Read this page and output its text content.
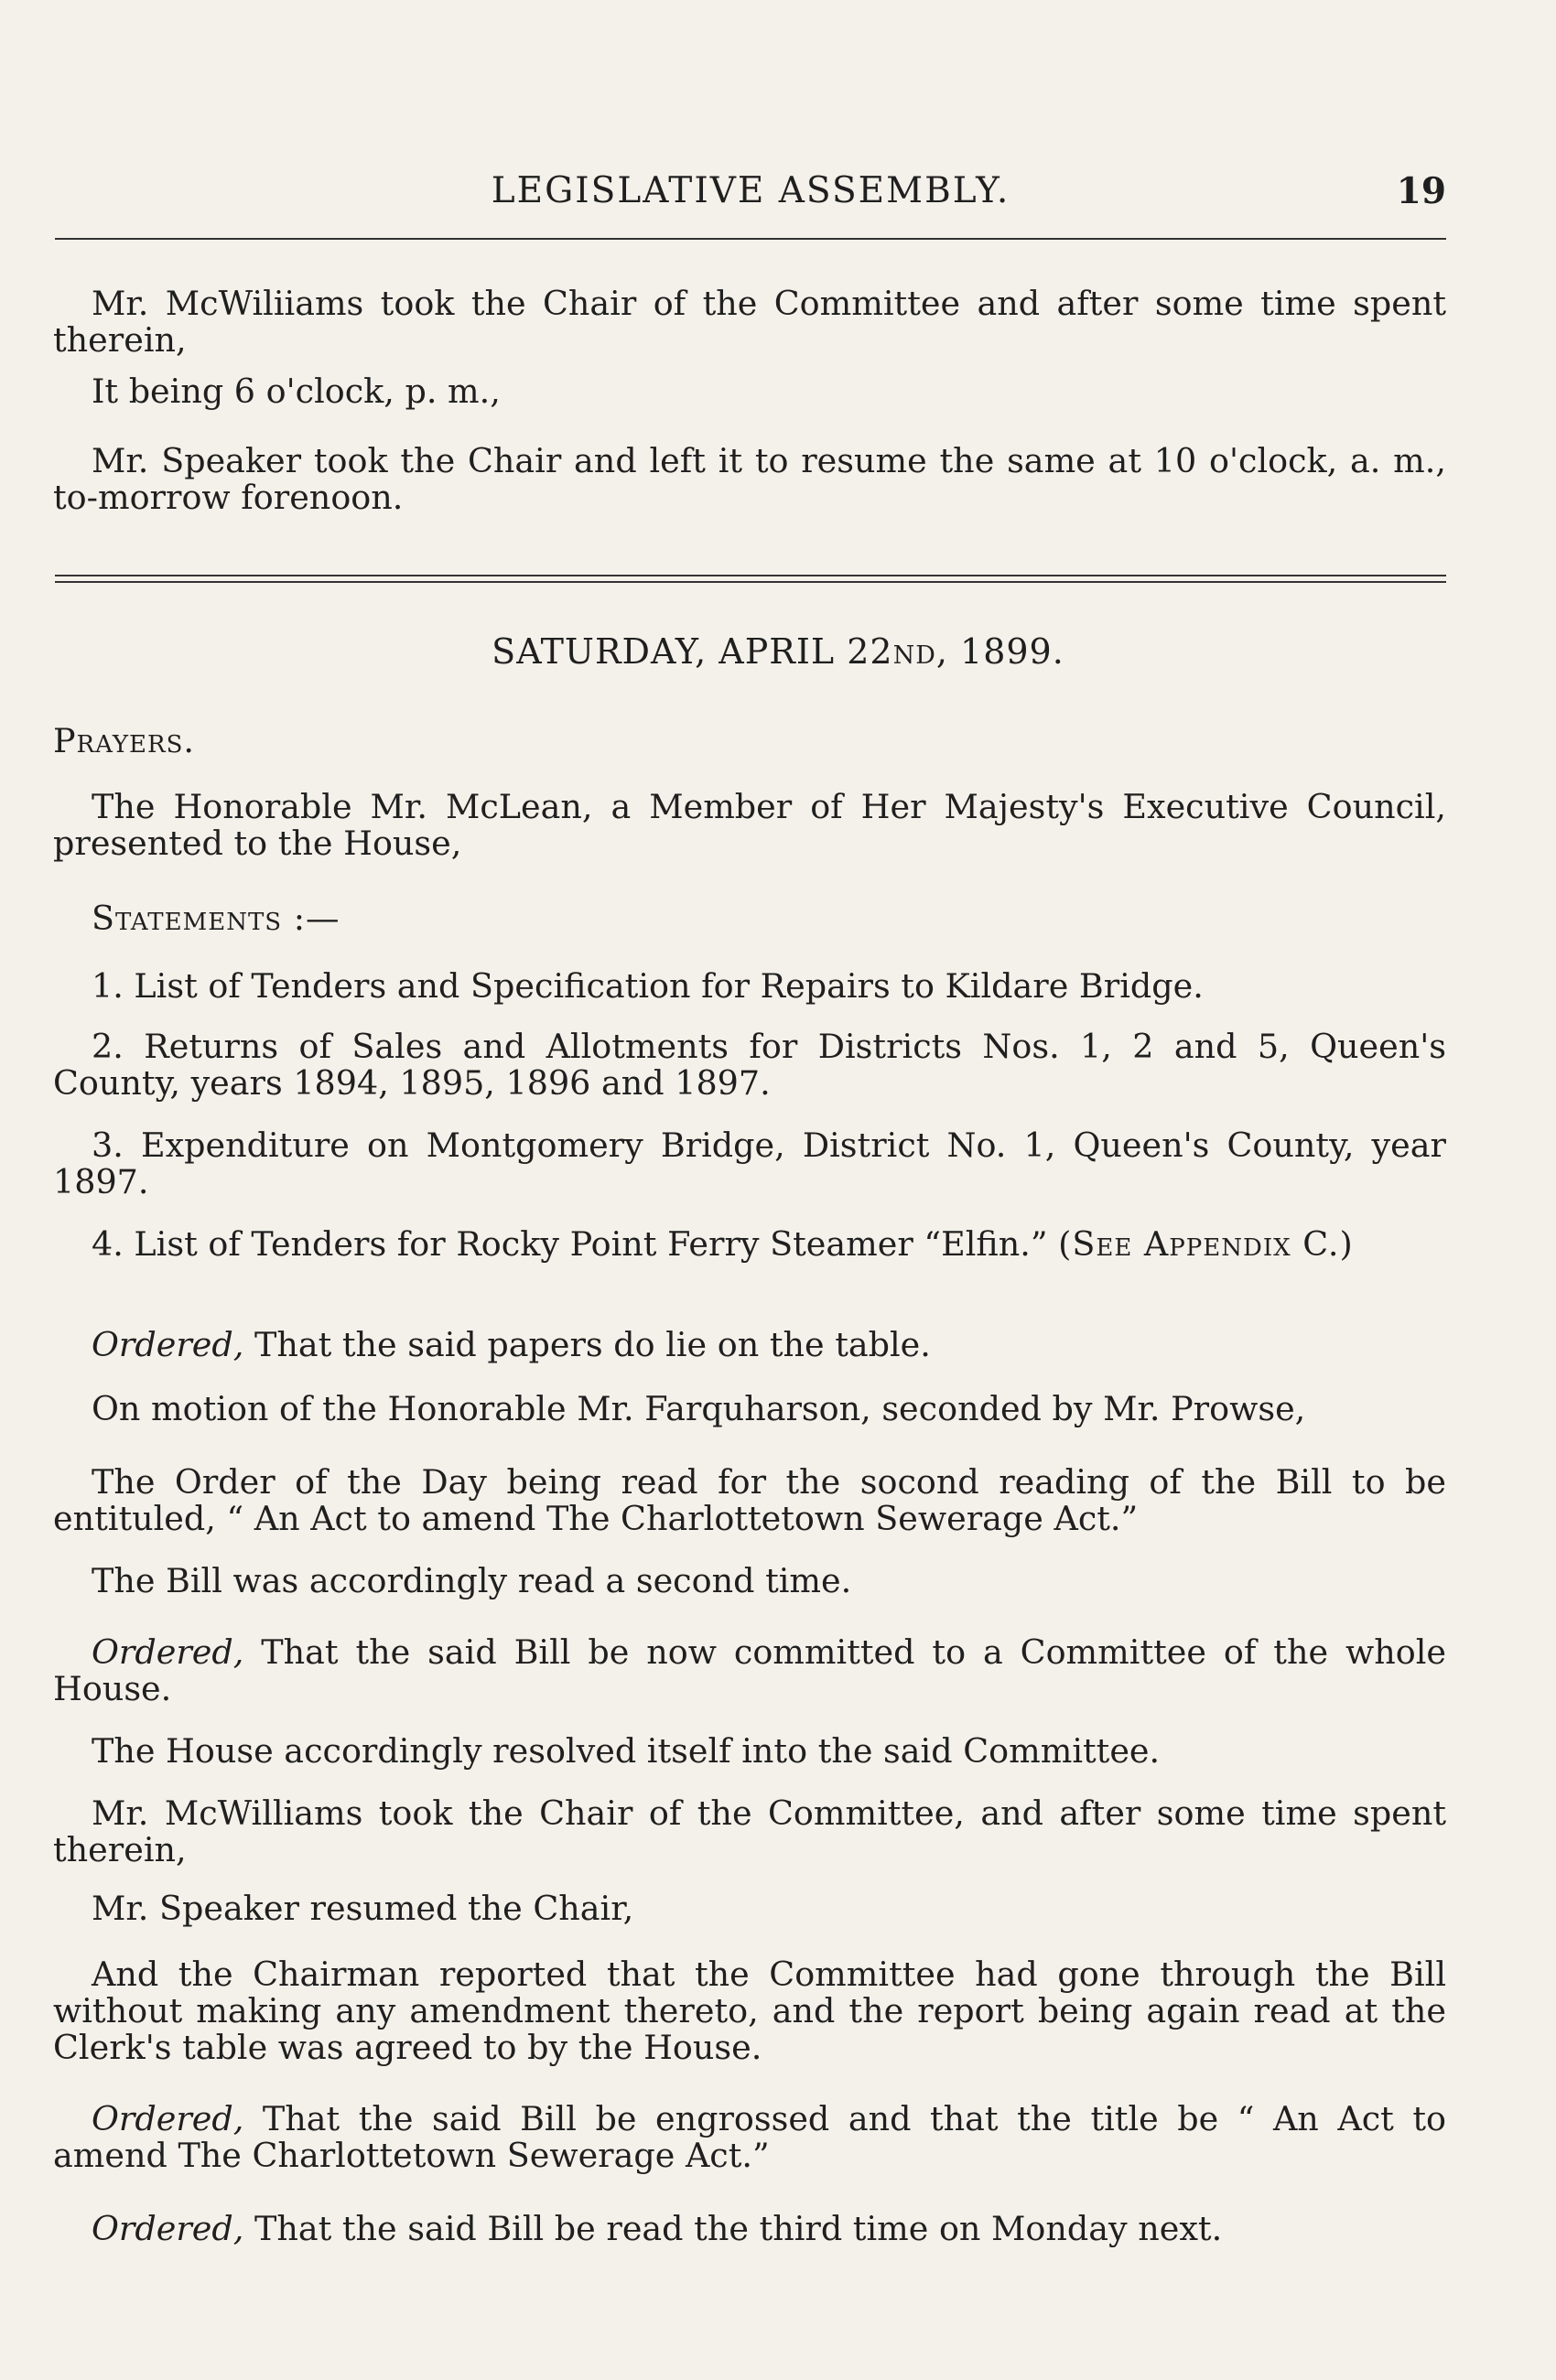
LEGISLATIVE ASSEMBLY.	19
Mr. McWiliiams took the Chair of the Committee and after some time spent therein,
It being 6 o'clock, p. m.,
Mr. Speaker took the Chair and left it to resume the same at 10 o'clock, a. m., to-morrow forenoon.
SATURDAY, APRIL 22ND, 1899.
Prayers.
The Honorable Mr. McLean, a Member of Her Majesty's Executive Council, presented to the House,
Statements :—
1. List of Tenders and Specification for Repairs to Kildare Bridge.
2. Returns of Sales and Allotments for Districts Nos. 1, 2 and 5, Queen's County, years 1894, 1895, 1896 and 1897.
3. Expenditure on Montgomery Bridge, District No. 1, Queen's County, year 1897.
4. List of Tenders for Rocky Point Ferry Steamer “Elfin.” (See Appendix C.)
Ordered, That the said papers do lie on the table.
On motion of the Honorable Mr. Farquharson, seconded by Mr. Prowse,
The Order of the Day being read for the socond reading of the Bill to be entituled, “ An Act to amend The Charlottetown Sewerage Act.”
The Bill was accordingly read a second time.
Ordered, That the said Bill be now committed to a Committee of the whole House.
The House accordingly resolved itself into the said Committee.
Mr. McWilliams took the Chair of the Committee, and after some time spent therein,
Mr. Speaker resumed the Chair,
And the Chairman reported that the Committee had gone through the Bill without making any amendment thereto, and the report being again read at the Clerk's table was agreed to by the House.
Ordered, That the said Bill be engrossed and that the title be “ An Act to amend The Charlottetown Sewerage Act.”
Ordered, That the said Bill be read the third time on Monday next.
